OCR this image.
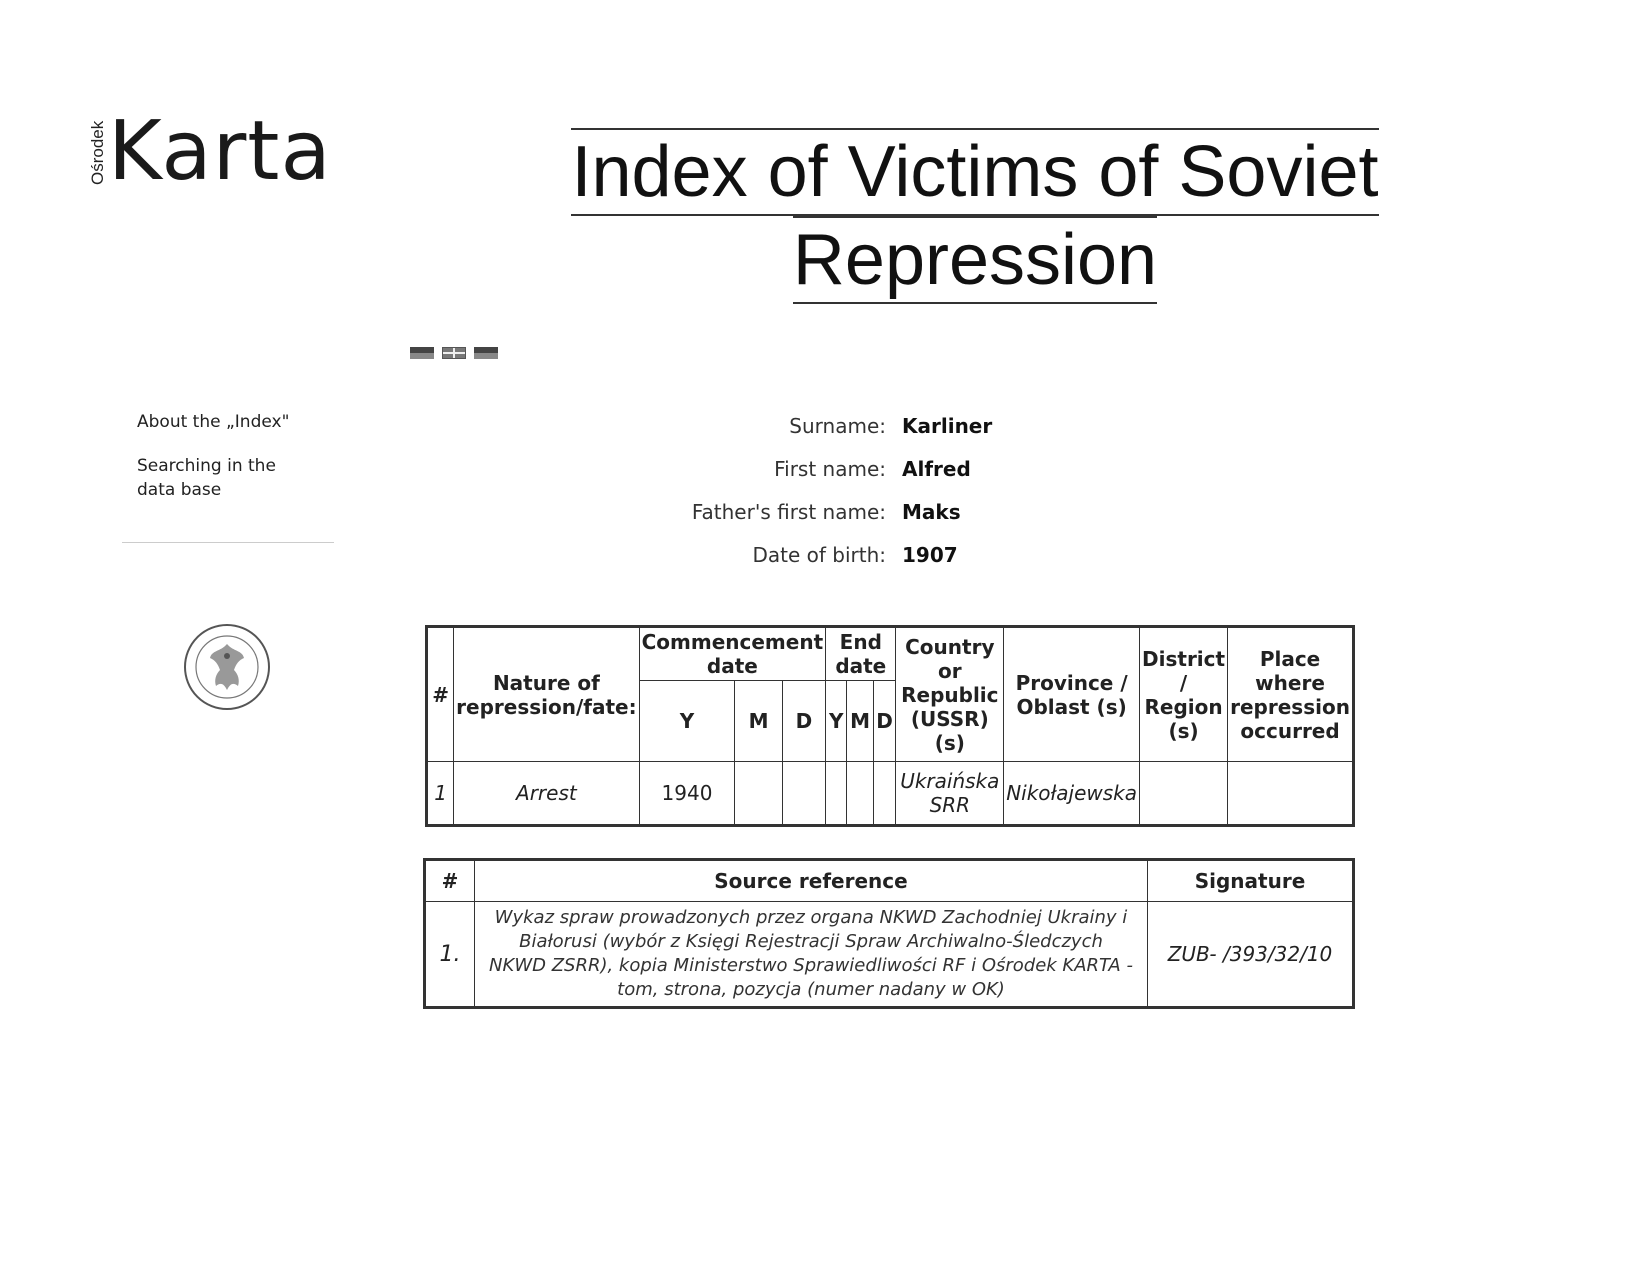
Ośrodek Karta	Index of Victims of Soviet
Repression

About the „Index"
Searching in the data base
Surname: Karliner
First name: Alfred
Father's first name: Maks
Date of birth: 1907
#	Nature of repression/fate:	Commencement date			End date			Country or Republic (USSR) (s)	Province / Oblast (s)	District / Region (s)	Place where repression occurred
		Y	M	D	Y	M	D				
1	Arrest	1940						Ukraińska SRR	Nikołajewska		
#	Source reference	Signature
1.	Wykaz spraw prowadzonych przez organa NKWD Zachodniej Ukrainy i Białorusi (wybór z Księgi Rejestracji Spraw Archiwalno-Śledczych NKWD ZSRR), kopia Ministerstwo Sprawiedliwości RF i Ośrodek KARTA - tom, strona, pozycja (numer nadany w OK)	ZUB- /393/32/10
